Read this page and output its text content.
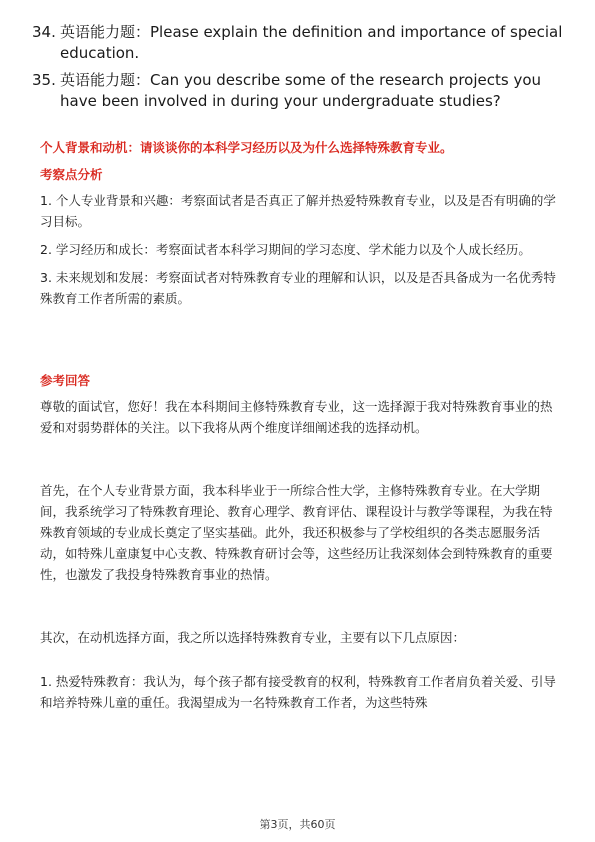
34. 英语能力题：Please explain the definition and importance of special education.
35. 英语能力题：Can you describe some of the research projects you have been involved in during your undergraduate studies?
个人背景和动机：请谈谈你的本科学习经历以及为什么选择特殊教育专业。
考察点分析

1. 个人专业背景和兴趣：考察面试者是否真正了解并热爱特殊教育专业，以及是否有明确的学习目标。

2. 学习经历和成长：考察面试者本科学习期间的学习态度、学术能力以及个人成长经历。

3. 未来规划和发展：考察面试者对特殊教育专业的理解和认识，以及是否具备成为一名优秀特殊教育工作者所需的素质。

参考回答

尊敬的面试官，您好！我在本科期间主修特殊教育专业，这一选择源于我对特殊教育事业的热爱和对弱势群体的关注。以下我将从两个维度详细阐述我的选择动机。

首先，在个人专业背景方面，我本科毕业于一所综合性大学，主修特殊教育专业。在大学期间，我系统学习了特殊教育理论、教育心理学、教育评估、课程设计与教学等课程，为我在特殊教育领域的专业成长奠定了坚实基础。此外，我还积极参与了学校组织的各类志愿服务活动，如特殊儿童康复中心支教、特殊教育研讨会等，这些经历让我深刻体会到特殊教育的重要性，也激发了我投身特殊教育事业的热情。

其次，在动机选择方面，我之所以选择特殊教育专业，主要有以下几点原因：

1. 热爱特殊教育：我认为，每个孩子都有接受教育的权利，特殊教育工作者肩负着关爱、引导和培养特殊儿童的重任。我渴望成为一名特殊教育工作者，为这些特殊

第3页，共60页
